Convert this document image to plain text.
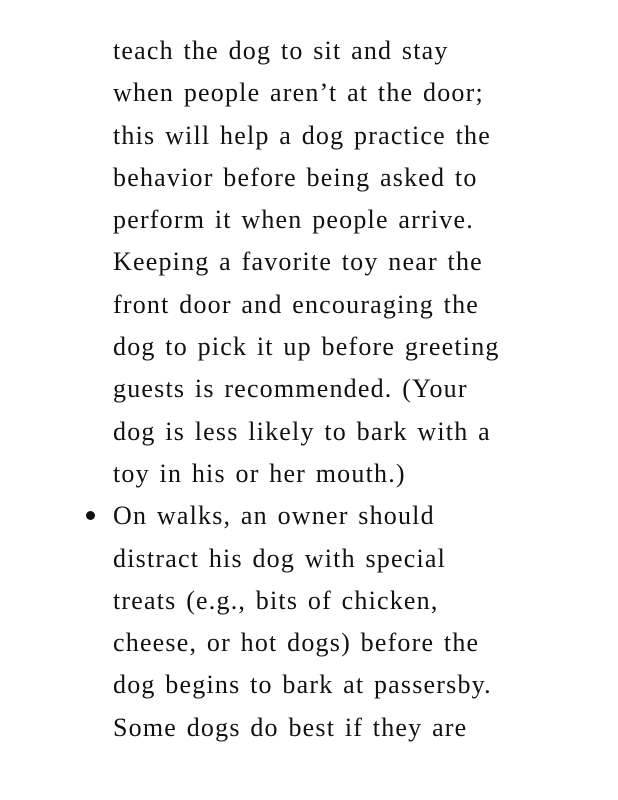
teach the dog to sit and stay
when people aren’t at the door;
this will help a dog practice the
behavior before being asked to
perform it when people arrive.
Keeping a favorite toy near the
front door and encouraging the
dog to pick it up before greeting
guests is recommended. (Your
dog is less likely to bark with a
toy in his or her mouth.)
On walks, an owner should
distract his dog with special
treats (e.g., bits of chicken,
cheese, or hot dogs) before the
dog begins to bark at passersby.
Some dogs do best if they are
